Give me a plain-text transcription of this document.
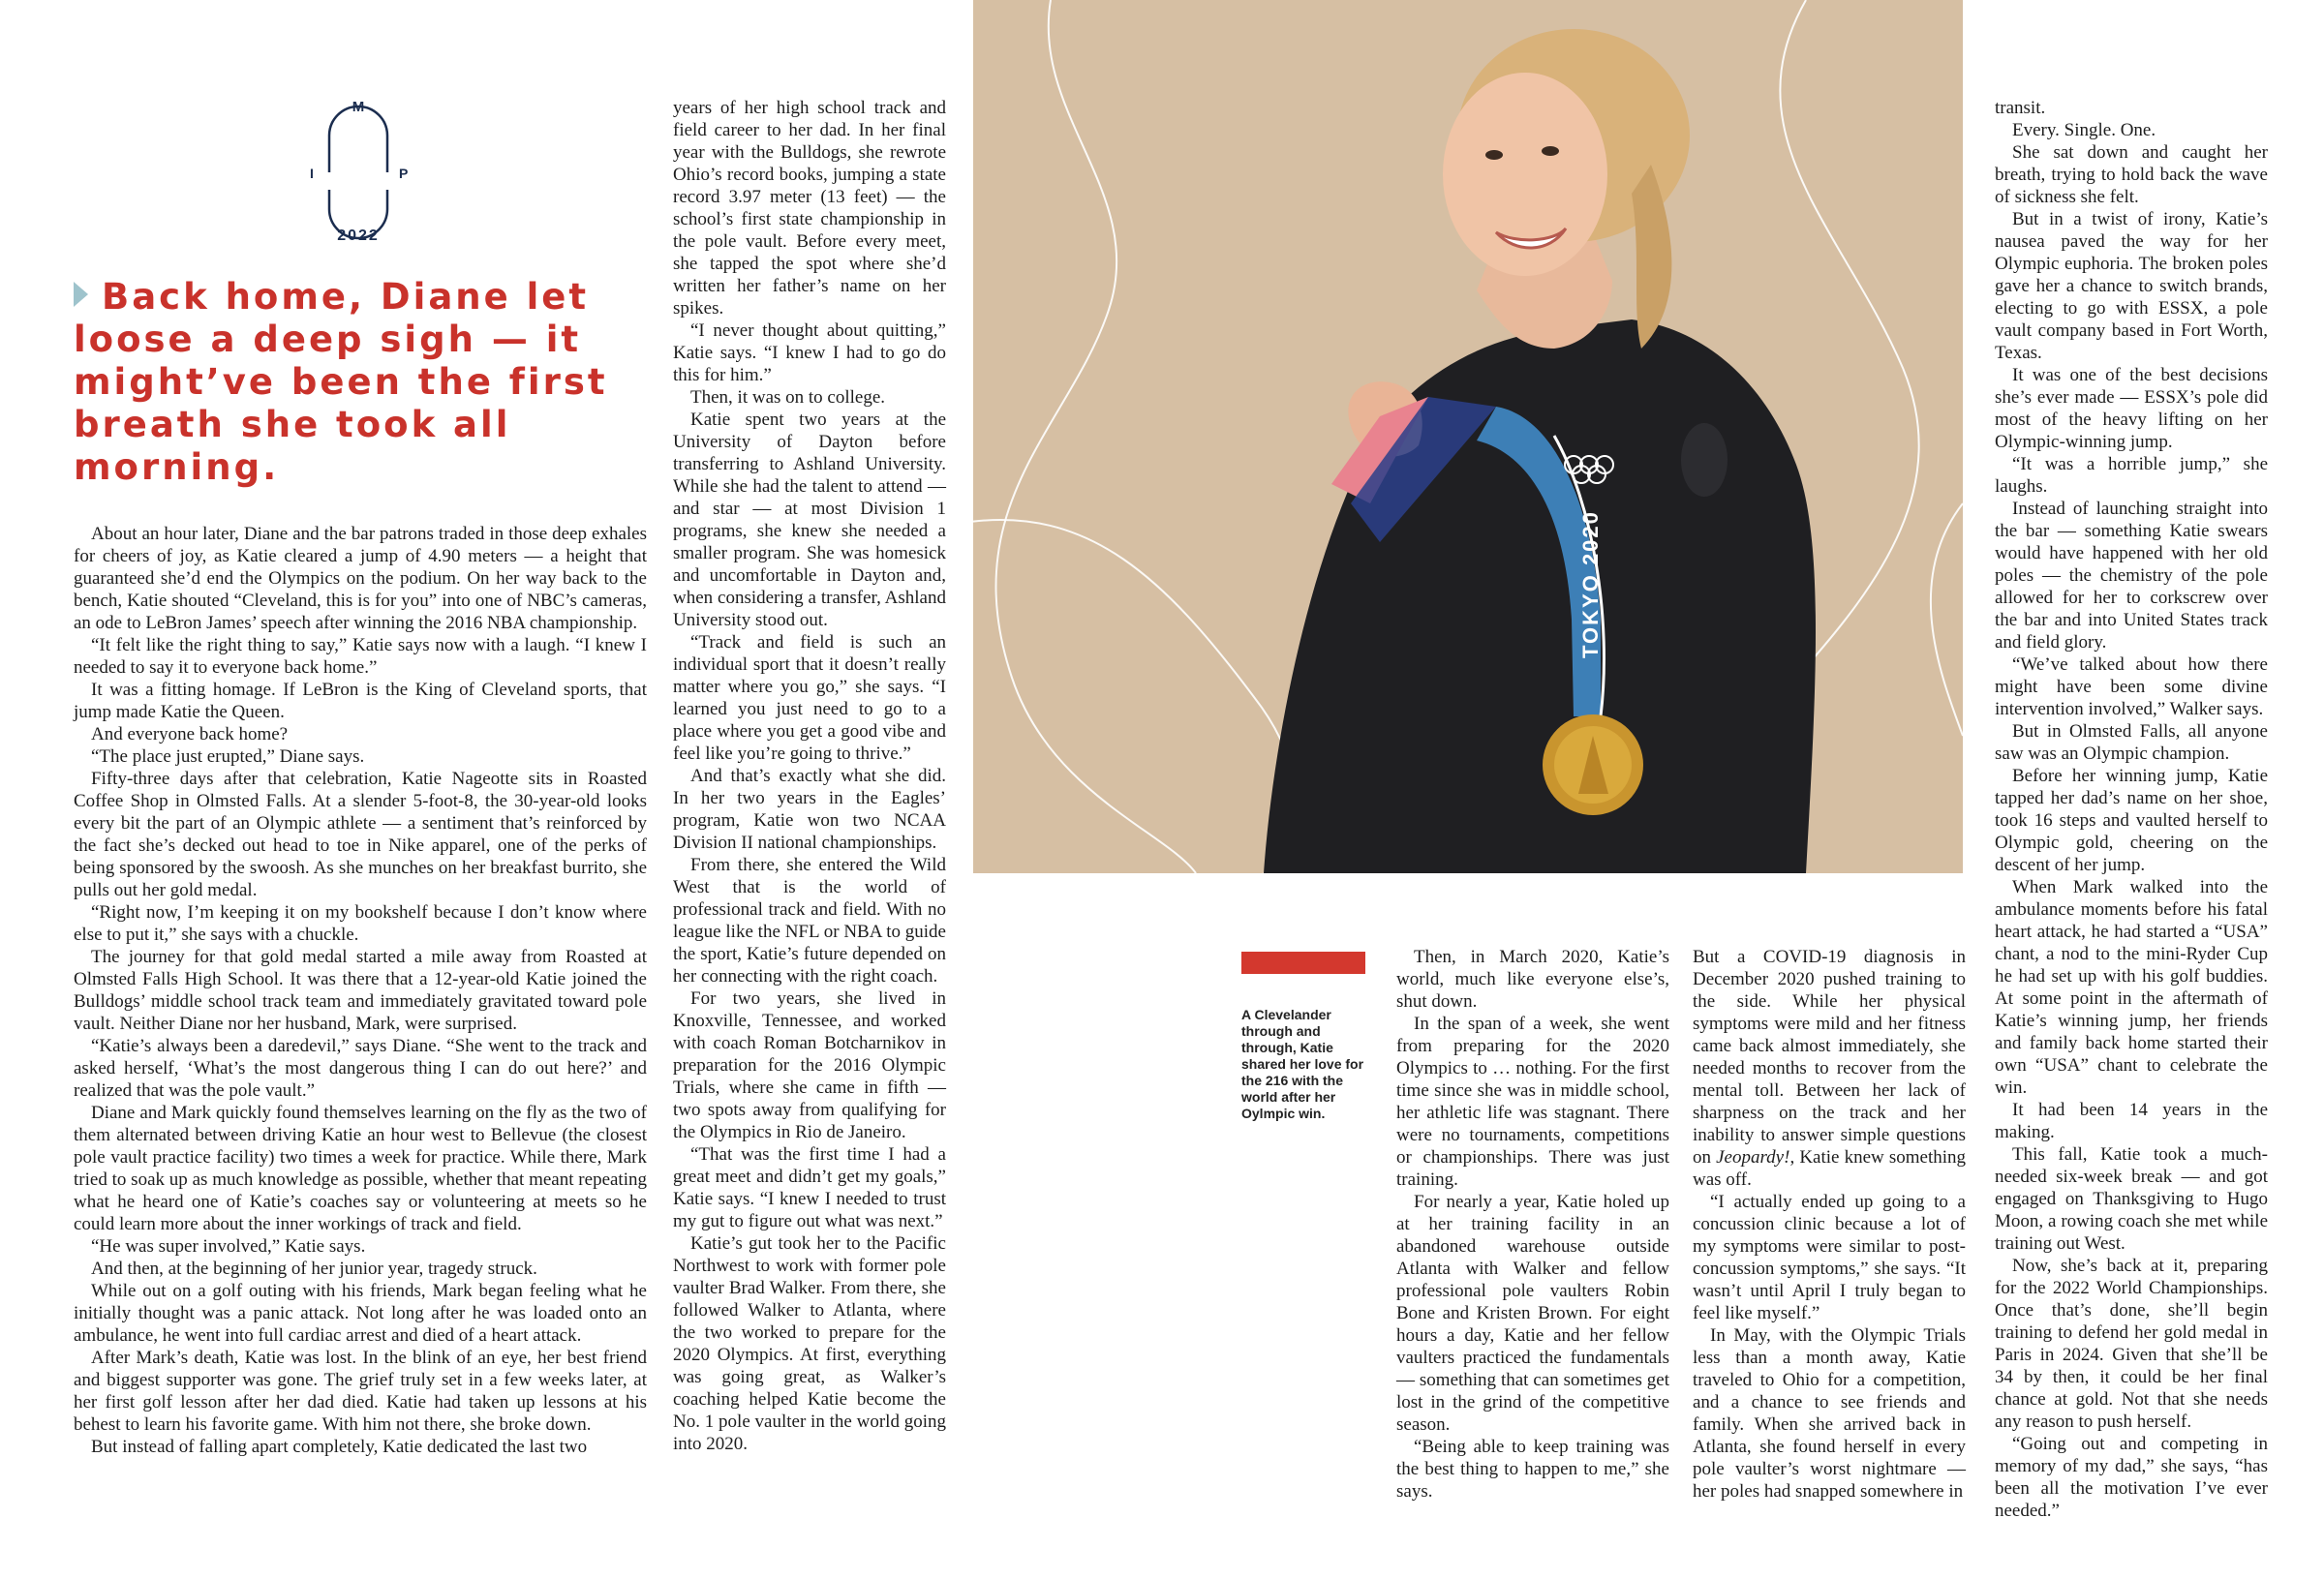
M
I	P
2022
Back home, Diane let loose a deep sigh — it might’ve been the first breath she took all morning.

About an hour later, Diane and the bar patrons traded in those deep exhales for cheers of joy, as Katie cleared a jump of 4.90 meters — a height that guaranteed she’d end the Olympics on the podium. On her way back to the bench, Katie shouted “Cleveland, this is for you” into one of NBC’s cameras, an ode to LeBron James’ speech after winning the 2016 NBA championship.

“It felt like the right thing to say,” Katie says now with a laugh. “I knew I needed to say it to everyone back home.”

It was a fitting homage. If LeBron is the King of Cleveland sports, that jump made Katie the Queen.

And everyone back home?

“The place just erupted,” Diane says.

Fifty-three days after that celebration, Katie Nageotte sits in Roasted Coffee Shop in Olmsted Falls. At a slender 5-foot-8, the 30-year-old looks every bit the part of an Olympic athlete — a sentiment that’s reinforced by the fact she’s decked out head to toe in Nike apparel, one of the perks of being sponsored by the swoosh. As she munches on her breakfast burrito, she pulls out her gold medal.

“Right now, I’m keeping it on my bookshelf because I don’t know where else to put it,” she says with a chuckle.

The journey for that gold medal started a mile away from Roasted at Olmsted Falls High School. It was there that a 12-year-old Katie joined the Bulldogs’ middle school track team and immediately gravitated toward pole vault. Neither Diane nor her husband, Mark, were surprised.

“Katie’s always been a daredevil,” says Diane. “She went to the track and asked herself, ‘What’s the most dangerous thing I can do out here?’ and realized that was the pole vault.”

Diane and Mark quickly found themselves learning on the fly as the two of them alternated between driving Katie an hour west to Bellevue (the closest pole vault practice facility) two times a week for practice. While there, Mark tried to soak up as much knowledge as possible, whether that meant repeating what he heard one of Katie’s coaches say or volunteering at meets so he could learn more about the inner workings of track and field.

“He was super involved,” Katie says.

And then, at the beginning of her junior year, tragedy struck.

While out on a golf outing with his friends, Mark began feeling what he initially thought was a panic attack. Not long after he was loaded onto an ambulance, he went into full cardiac arrest and died of a heart attack.

After Mark’s death, Katie was lost. In the blink of an eye, her best friend and biggest supporter was gone. The grief truly set in a few weeks later, at her first golf lesson after her dad died. Katie had taken up lessons at his behest to learn his favorite game. With him not there, she broke down.

But instead of falling apart completely, Katie dedicated the last two

years of her high school track and field career to her dad. In her final year with the Bulldogs, she rewrote Ohio’s record books, jumping a state record 3.97 meter (13 feet) — the school’s first state championship in the pole vault. Before every meet, she tapped the spot where she’d written her father’s name on her spikes.

“I never thought about quitting,” Katie says. “I knew I had to go do this for him.”

Then, it was on to college.

Katie spent two years at the University of Dayton before transferring to Ashland University. While she had the talent to attend — and star — at most Division 1 programs, she knew she needed a smaller program. She was homesick and uncomfortable in Dayton and, when considering a transfer, Ashland University stood out.

“Track and field is such an individual sport that it doesn’t really matter where you go,” she says. “I learned you just need to go to a place where you get a good vibe and feel like you’re going to thrive.”

And that’s exactly what she did. In her two years in the Eagles’ program, Katie won two NCAA Division II national championships.

From there, she entered the Wild West that is the world of professional track and field. With no league like the NFL or NBA to guide the sport, Katie’s future depended on her connecting with the right coach.

For two years, she lived in Knoxville, Tennessee, and worked with coach Roman Botcharnikov in preparation for the 2016 Olympic Trials, where she came in fifth — two spots away from qualifying for the Olympics in Rio de Janeiro.

“That was the first time I had a great meet and didn’t get my goals,” Katie says. “I knew I needed to trust my gut to figure out what was next.”

Katie’s gut took her to the Pacific Northwest to work with former pole vaulter Brad Walker. From there, she followed Walker to Atlanta, where the two worked to prepare for the 2020 Olympics. At first, everything was going great, as Walker’s coaching helped Katie become the No. 1 pole vaulter in the world going into 2020.

TOKYO 2020
A Clevelander through and through, Katie shared her love for the 216 with the world after her Oylmpic win.

Then, in March 2020, Katie’s world, much like everyone else’s, shut down.

In the span of a week, she went from preparing for the 2020 Olympics to … nothing. For the first time since she was in middle school, her athletic life was stagnant. There were no tournaments, competitions or championships. There was just training.

For nearly a year, Katie holed up at her training facility in an abandoned warehouse outside Atlanta with Walker and fellow professional pole vaulters Robin Bone and Kristen Brown. For eight hours a day, Katie and her fellow vaulters practiced the fundamentals — something that can sometimes get lost in the grind of the competitive season.

“Being able to keep training was the best thing to happen to me,” she says.

But a COVID-19 diagnosis in December 2020 pushed training to the side. While her physical symptoms were mild and her fitness came back almost immediately, she needed months to recover from the mental toll. Between her lack of sharpness on the track and her inability to answer simple questions on Jeopardy!, Katie knew something was off.

“I actually ended up going to a concussion clinic because a lot of my symptoms were similar to post-concussion symptoms,” she says. “It wasn’t until April I truly began to feel like myself.”

In May, with the Olympic Trials less than a month away, Katie traveled to Ohio for a competition, and a chance to see friends and family. When she arrived back in Atlanta, she found herself in every pole vaulter’s worst nightmare — her poles had snapped somewhere in

transit.

Every. Single. One.

She sat down and caught her breath, trying to hold back the wave of sickness she felt.

But in a twist of irony, Katie’s nausea paved the way for her Olympic euphoria. The broken poles gave her a chance to switch brands, electing to go with ESSX, a pole vault company based in Fort Worth, Texas.

It was one of the best decisions she’s ever made — ESSX’s pole did most of the heavy lifting on her Olympic-winning jump.

“It was a horrible jump,” she laughs.

Instead of launching straight into the bar — something Katie swears would have happened with her old poles — the chemistry of the pole allowed for her to corkscrew over the bar and into United States track and field glory.

“We’ve talked about how there might have been some divine intervention involved,” Walker says.

But in Olmsted Falls, all anyone saw was an Olympic champion.

Before her winning jump, Katie tapped her dad’s name on her shoe, took 16 steps and vaulted herself to Olympic gold, cheering on the descent of her jump.

When Mark walked into the ambulance moments before his fatal heart attack, he had started a “USA” chant, a nod to the mini-Ryder Cup he had set up with his golf buddies. At some point in the aftermath of Katie’s winning jump, her friends and family back home started their own “USA” chant to celebrate the win.

It had been 14 years in the making.

This fall, Katie took a much-needed six-week break — and got engaged on Thanksgiving to Hugo Moon, a rowing coach she met while training out West.

Now, she’s back at it, preparing for the 2022 World Championships. Once that’s done, she’ll begin training to defend her gold medal in Paris in 2024. Given that she’ll be 34 by then, it could be her final chance at gold. Not that she needs any reason to push herself.

“Going out and competing in memory of my dad,” she says, “has been all the motivation I’ve ever needed.”
